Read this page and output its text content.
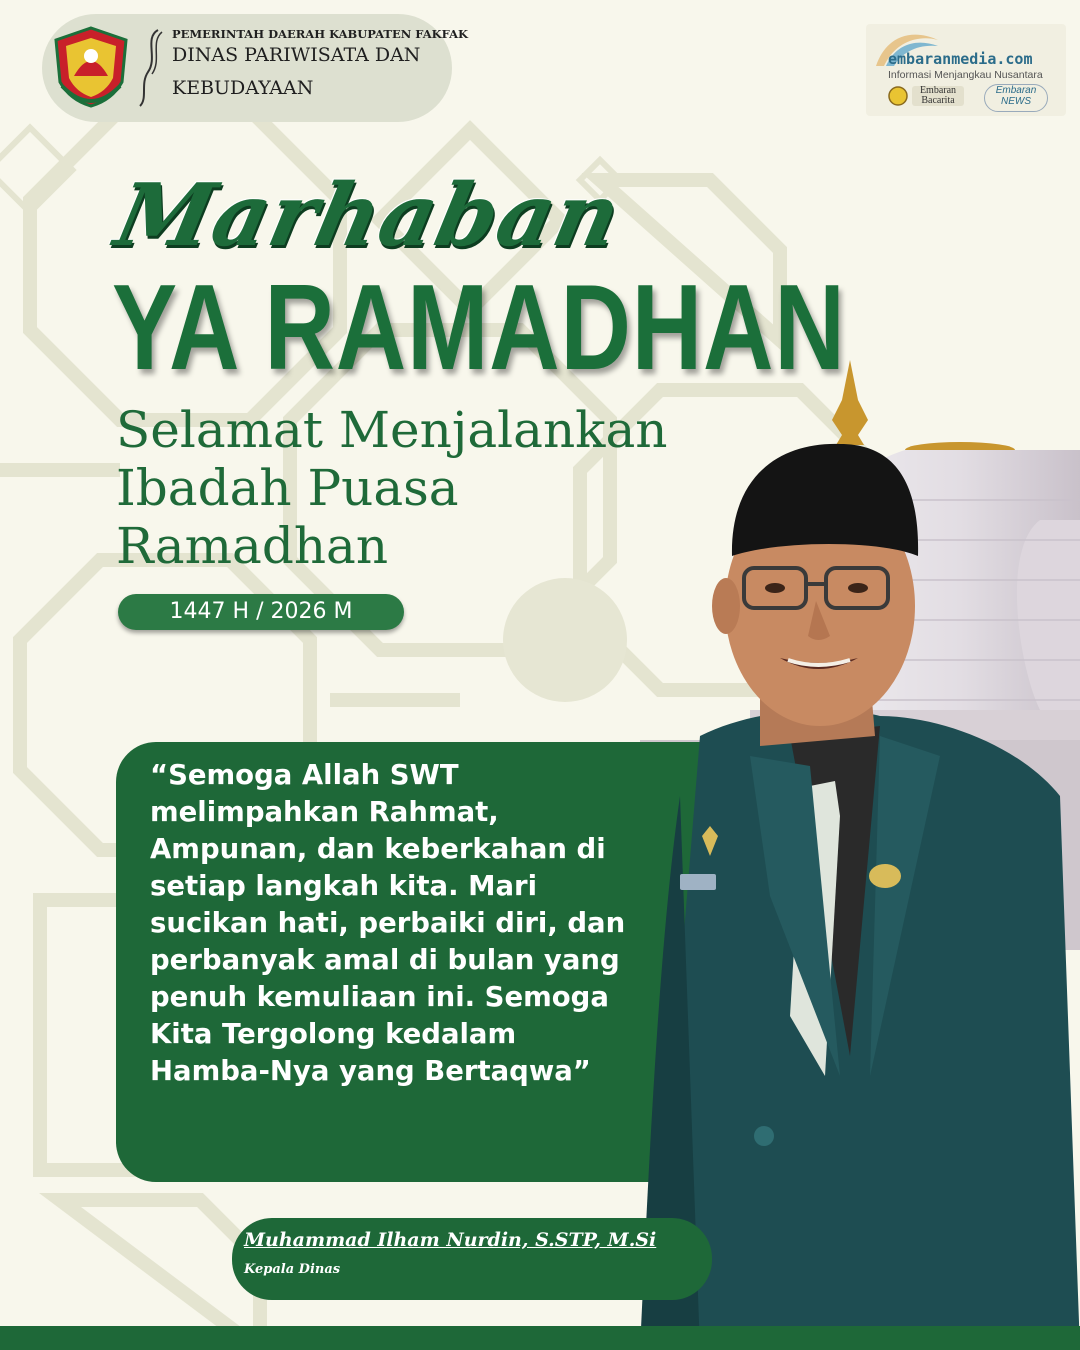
PEMERINTAH DAERAH KABUPATEN FAKFAK
DINAS PARIWISATA DAN
KEBUDAYAAN
embaranmedia.com
Informasi Menjangkau Nusantara
Embaran Bacarita
Embaran NEWS
Marhaban
YA RAMADHAN
Selamat Menjalankan
Ibadah Puasa
Ramadhan
1447 H / 2026 M
“Semoga Allah SWT melimpahkan Rahmat, Ampunan, dan keberkahan di setiap langkah kita. Mari sucikan hati, perbaiki diri, dan perbanyak amal di bulan yang penuh kemuliaan ini. Semoga Kita Tergolong kedalam Hamba-Nya yang Bertaqwa”
Muhammad Ilham Nurdin, S.STP, M.Si
Kepala Dinas
